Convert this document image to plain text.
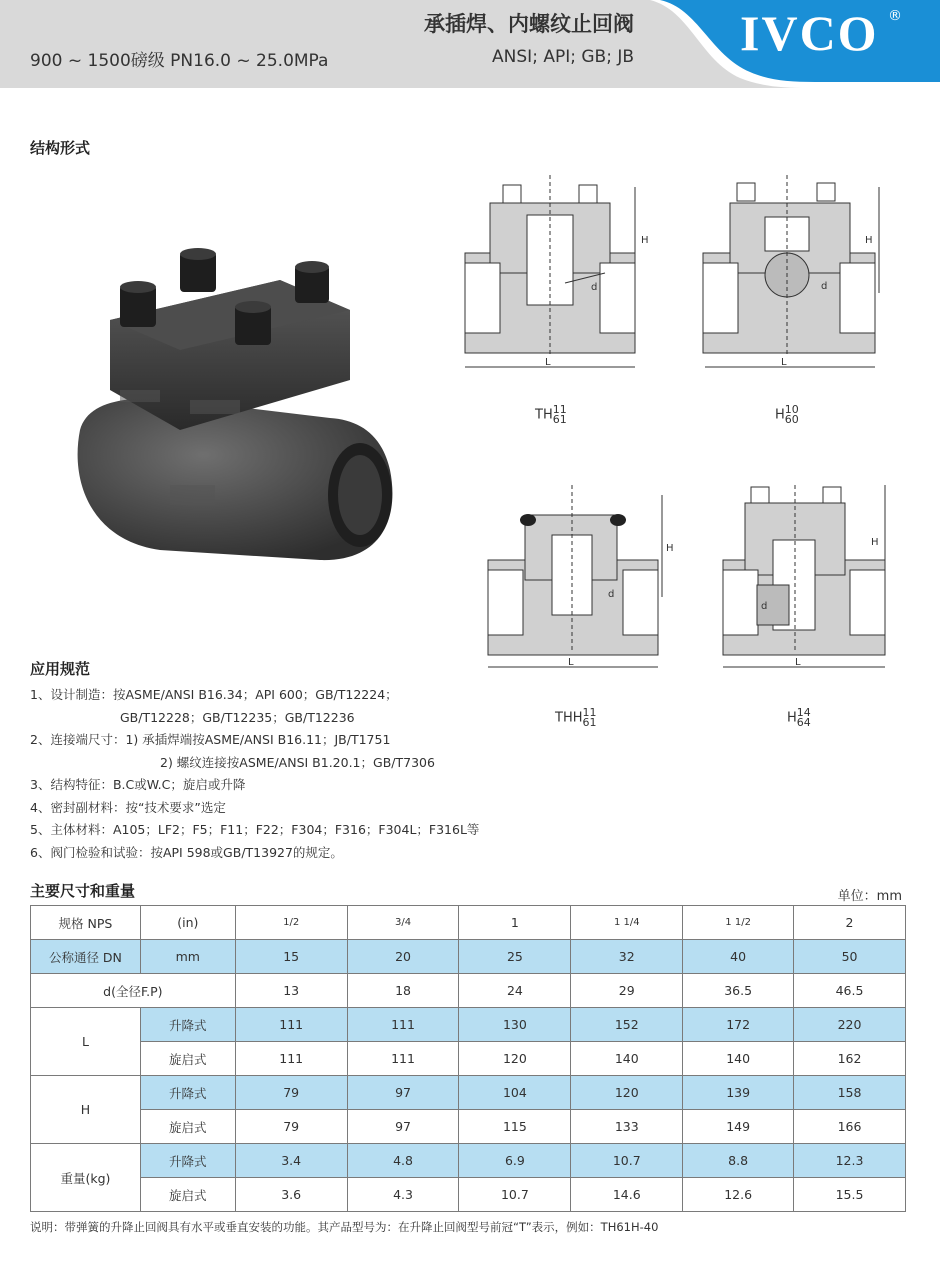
900 ~ 1500磅级 PN16.0 ~ 25.0MPa
承插焊、内螺纹止回阀
ANSI; API; GB; JB IVCO ®
结构形式
H
L
d
TH11
61
H
L
d
H10
60
H
L
d
THH11
61
H
L
d
H14
64
应用规范
1、设计制造：按ASME/ANSI B16.34；API 600；GB/T12224；
GB/T12228；GB/T12235；GB/T12236
2、连接端尺寸：1) 承插焊端按ASME/ANSI B16.11；JB/T1751
2) 螺纹连接按ASME/ANSI B1.20.1；GB/T7306
3、结构特征：B.C或W.C；旋启或升降
4、密封副材料：按“技术要求”选定
5、主体材料：A105；LF2；F5；F11；F22；F304；F316；F304L；F316L等
6、阀门检验和试验：按API 598或GB/T13927的规定。
主要尺寸和重量	单位：mm
规格 NPS	(in)	1/2	3/4	1	1 1/4	1 1/2	2
公称通径 DN	mm	15	20	25	32	40	50
d(全径F.P)		13	18	24	29	36.5	46.5
L	升降式	111	111	130	152	172	220
	旋启式	111	111	120	140	140	162
H	升降式	79	97	104	120	139	158
	旋启式	79	97	115	133	149	166
重量(kg)	升降式	3.4	4.8	6.9	10.7	8.8	12.3
	旋启式	3.6	4.3	10.7	14.6	12.6	15.5
说明：带弹簧的升降止回阀具有水平或垂直安装的功能。其产品型号为：在升降止回阀型号前冠“T”表示，例如：TH61H-40
